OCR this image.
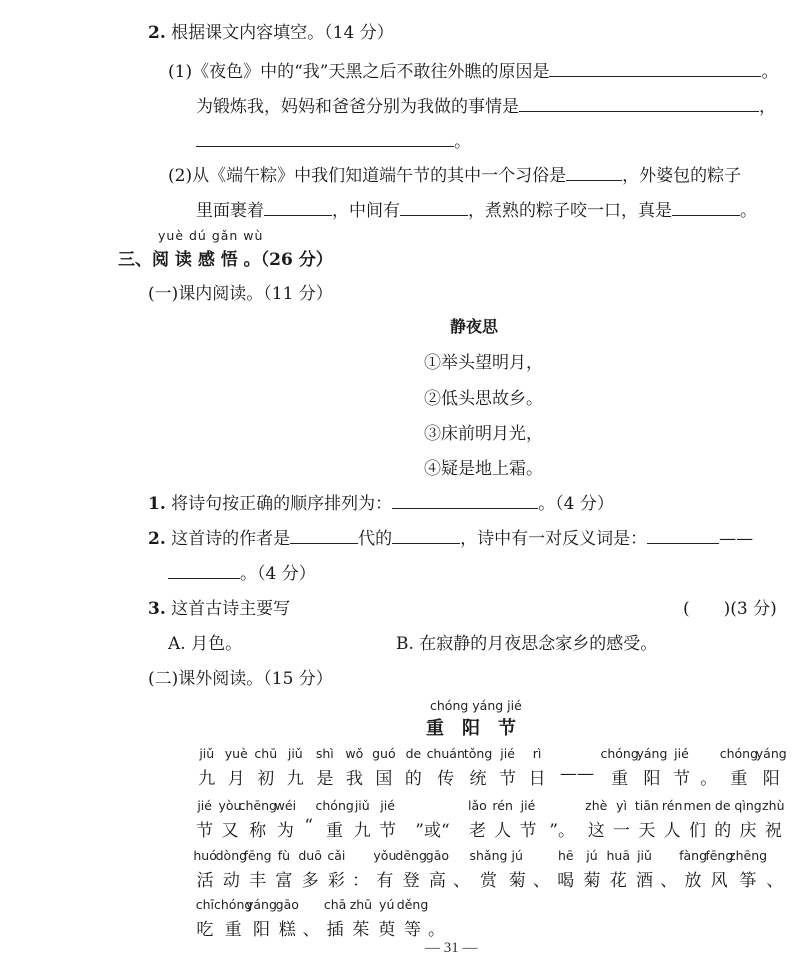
2. 根据课文内容填空。（14 分）
(1)《夜色》中的“我”天黑之后不敢往外瞧的原因是	。
为锻炼我，妈妈和爸爸分别为我做的事情是	，
。
(2)从《端午粽》中我们知道端午节的其中一个习俗是	，外婆包的粽子
里面裹着	，中间有	，煮熟的粽子咬一口，真是	。
yuè dú gǎn wù
三、阅 读 感 悟 。（26 分）
(一)课内阅读。（11 分）
静夜思
①举头望明月，
②低头思故乡。
③床前明月光，
④疑是地上霜。
1. 将诗句按正确的顺序排列为：	。（4 分）
2. 这首诗的作者是	代的	，诗中有一对反义词是：	——
。（4 分）
3. 这首古诗主要写	(　　)(3 分)
A. 月色。	B. 在寂静的月夜思念家乡的感受。
(二)课外阅读。（15 分）
chóng yáng jié
重　阳　节
jiǔ
九
yuè
月
chū
初
jiǔ
九
shì
是
wǒ
我
guó
国
de
的
chuán
传
tǒng
统
jié
节
rì
日 ——
chóng
重
yáng
阳
jié
节 。
chóng
重
yáng
阳
jié
节
yòu
又
chēng
称
wéi
为 “
chóng
重
jiǔ
九
jié
节	”或“
lǎo
老
rén
人
jié
节 ”。
zhè
这
yì
一
tiān
天
rén
人
men
们
de
的
qìng
庆
zhù
祝
huó
活
dòng
动
fēng
丰
fù
富
duō
多
cǎi
彩 ：
yǒu
有
dēng
登
gāo
高 、
shǎng
赏
jú
菊 、
hē
喝
jú
菊
huā
花
jiǔ
酒 、
fàng
放
fēng
风
zhēng
筝 、
chī
吃
chóng
重
yáng
阳
gāo
糕 、
chā
插
zhū
茱
yú
萸
děng
等 。
— 31 —
